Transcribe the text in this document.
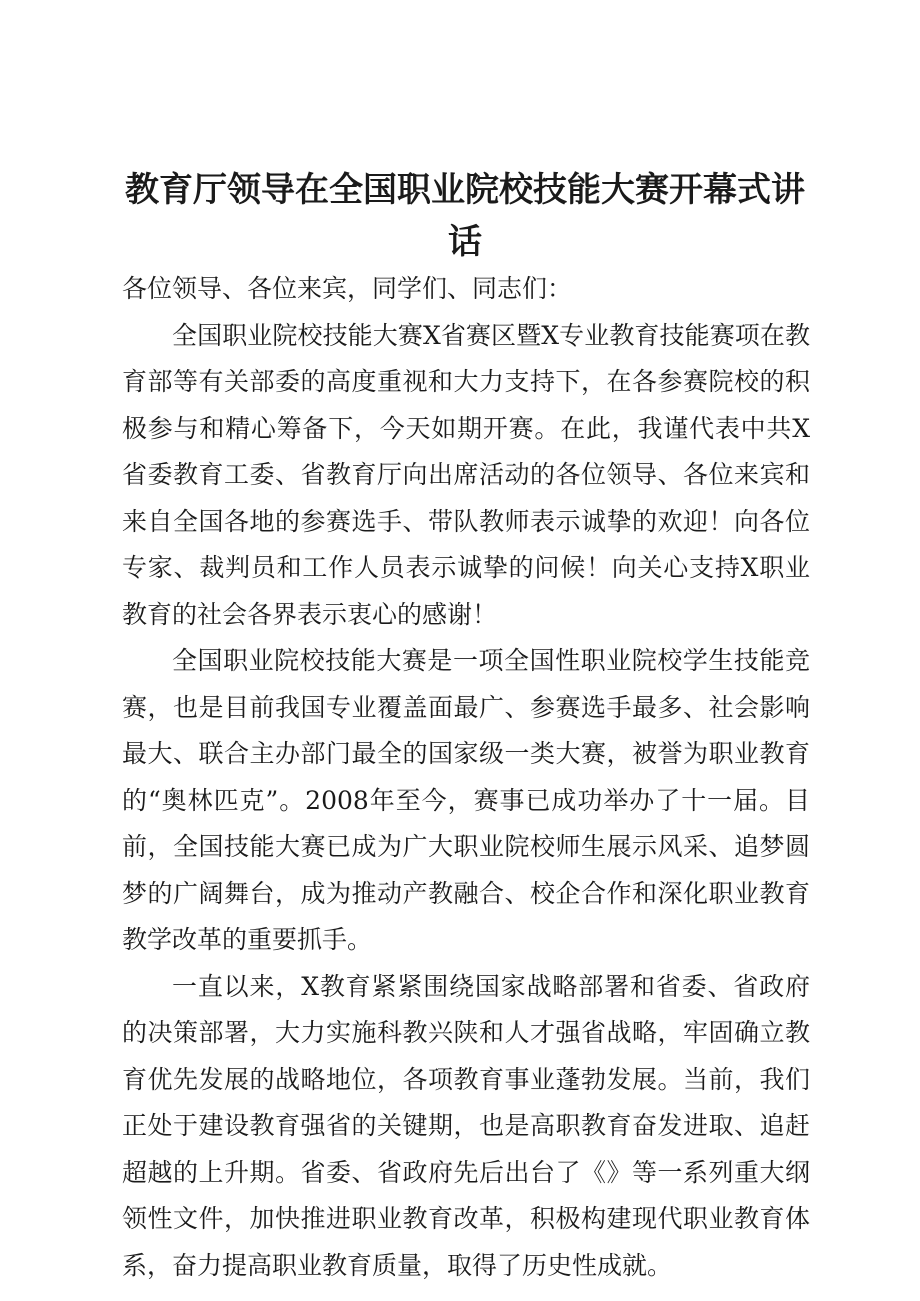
教育厅领导在全国职业院校技能大赛开幕式讲话

各位领导、各位来宾，同学们、同志们：

全国职业院校技能大赛X省赛区暨X专业教育技能赛项在教育部等有关部委的高度重视和大力支持下，在各参赛院校的积极参与和精心筹备下，今天如期开赛。在此，我谨代表中共X省委教育工委、省教育厅向出席活动的各位领导、各位来宾和来自全国各地的参赛选手、带队教师表示诚挚的欢迎！向各位专家、裁判员和工作人员表示诚挚的问候！向关心支持X职业教育的社会各界表示衷心的感谢！

全国职业院校技能大赛是一项全国性职业院校学生技能竞赛，也是目前我国专业覆盖面最广、参赛选手最多、社会影响最大、联合主办部门最全的国家级一类大赛，被誉为职业教育的“奥林匹克”。2008年至今，赛事已成功举办了十一届。目前，全国技能大赛已成为广大职业院校师生展示风采、追梦圆梦的广阔舞台，成为推动产教融合、校企合作和深化职业教育教学改革的重要抓手。

一直以来，X教育紧紧围绕国家战略部署和省委、省政府的决策部署，大力实施科教兴陕和人才强省战略，牢固确立教育优先发展的战略地位，各项教育事业蓬勃发展。当前，我们正处于建设教育强省的关键期，也是高职教育奋发进取、追赶超越的上升期。省委、省政府先后出台了《》等一系列重大纲领性文件，加快推进职业教育改革，积极构建现代职业教育体系，奋力提高职业教育质量，取得了历史性成就。
